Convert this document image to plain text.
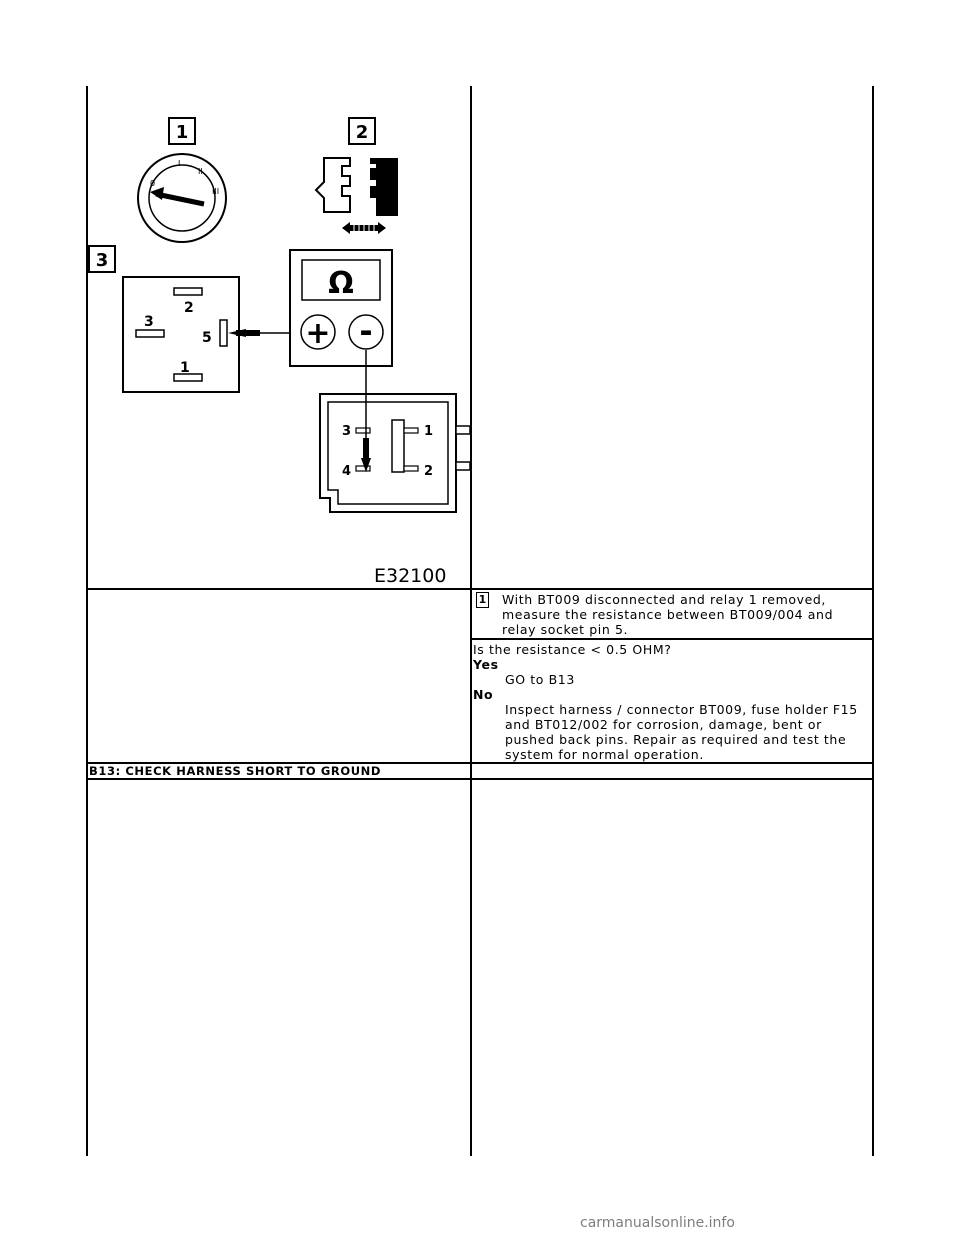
1	2
3
0
I
II
III
2
3
5
1
Ω
+ -
3	1
4	2
E32100
1 With BT009 disconnected and relay 1 removed, measure the resistance between BT009/004 and relay socket pin 5.
Is the resistance < 0.5 OHM?
Yes
GO to B13
No
Inspect harness / connector BT009, fuse holder F15 and BT012/002 for corrosion, damage, bent or pushed back pins. Repair as required and test the system for normal operation.
B13: CHECK HARNESS SHORT TO GROUND
carmanualsonline.info
